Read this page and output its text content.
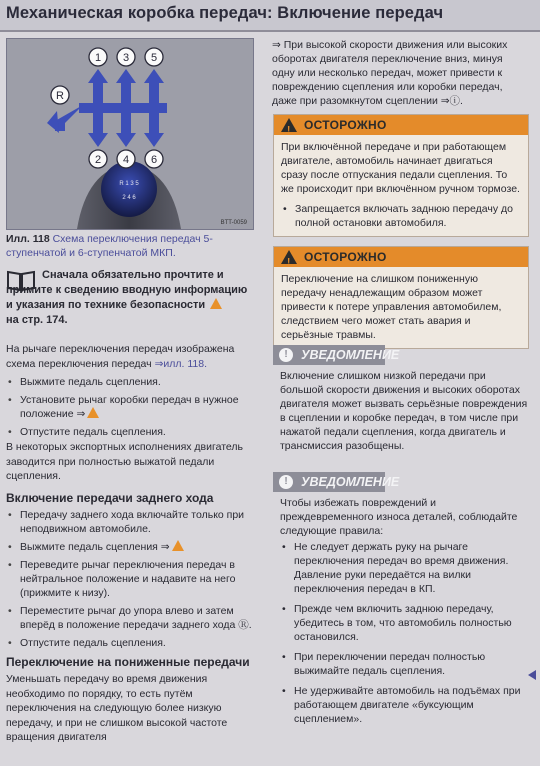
Механическая коробка передач: Включение передач
R 1 3 5
2 4 6
1 3 5
2 4 6
R
BTT-0059
Илл. 118 Схема переключения передач 5-ступенчатой и 6-ступенчатой МКП.
Сначала обязательно прочтите и примите к сведению вводную информацию и указания по технике безопасности
на стр. 174.
На рычаге переключения передач изображена схема переключения передач ⇒илл. 118.
• Выжмите педаль сцепления.
• Установите рычаг коробки передач в нужное положение ⇒
• Отпустите педаль сцепления.
В некоторых экспортных исполнениях двигатель заводится при полностью выжатой педали сцепления.
Включение передачи заднего хода
• Передачу заднего хода включайте только при неподвижном автомобиле.
• Выжмите педаль сцепления ⇒
• Переведите рычаг переключения передач в нейтральное положение и надавите на него (прижмите к низу).
• Переместите рычаг до упора влево и затем вперёд в положение передачи заднего хода Ⓡ.
• Отпустите педаль сцепления.
Переключение на пониженные передачи
Уменьшать передачу во время движения необходимо по порядку, то есть путём переключения на следующую более низкую передачу, и при не слишком высокой частоте вращения двигателя
⇒ При высокой скорости движения или высоких оборотах двигателя переключение вниз, минуя одну или несколько передач, может привести к повреждению сцепления или коробки передач, даже при разомкнутом сцеплении ⇒ⓘ.
!
ОСТОРОЖНО
При включённой передаче и при работающем двигателе, автомобиль начинает двигаться сразу после отпускания педали сцепления. То же происходит при включённом ручном тормозе.
• Запрещается включать заднюю передачу до полной остановки автомобиля.
!
ОСТОРОЖНО
Переключение на слишком пониженную передачу ненадлежащим образом может привести к потере управления автомобилем, следствием чего может стать авария и серьёзные травмы.
!	УВЕДОМЛЕНИЕ
Включение слишком низкой передачи при большой скорости движения и высоких оборотах двигателя может вызвать серьёзные повреждения в сцеплении и коробке передач, в том числе при нажатой педали сцепления, когда двигатель и трансмиссия разобщены.
!	УВЕДОМЛЕНИЕ
Чтобы избежать повреждений и преждевременного износа деталей, соблюдайте следующие правила:
• Не следует держать руку на рычаге переключения передач во время движения. Давление руки передаётся на вилки переключения передач в КП.
• Прежде чем включить заднюю передачу, убедитесь в том, что автомобиль полностью остановился.
• При переключении передач полностью выжимайте педаль сцепления.
• Не удерживайте автомобиль на подъёмах при работающем двигателе «буксующим сцеплением».
